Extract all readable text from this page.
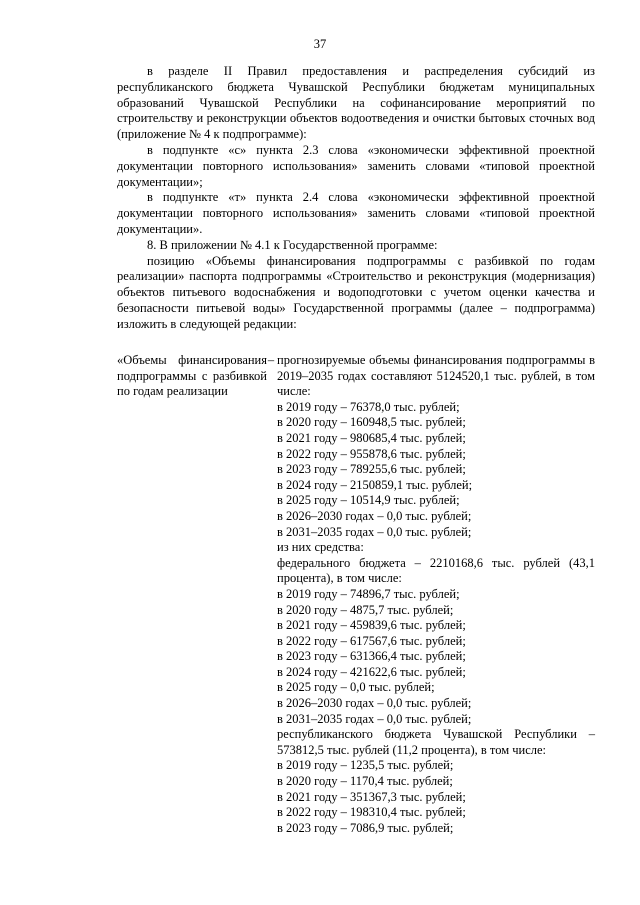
37

в разделе II Правил предоставления и распределения субсидий из республиканского бюджета Чувашской Республики бюджетам муниципальных образований Чувашской Республики на софинансирование мероприятий по строительству и реконструкции объектов водоотведения и очистки бытовых сточных вод (приложение № 4 к подпрограмме):

в подпункте «с» пункта 2.3 слова «экономически эффективной проектной документации повторного использования» заменить словами «типовой проектной документации»;

в подпункте «т» пункта 2.4 слова «экономически эффективной проектной документации повторного использования» заменить словами «типовой проектной документации».

8. В приложении № 4.1 к Государственной программе:

позицию «Объемы финансирования подпрограммы с разбивкой по годам реализации» паспорта подпрограммы «Строительство и реконструкция (модернизация) объектов питьевого водоснабжения и водоподготовки с учетом оценки качества и безопасности питьевой воды» Государственной программы (далее – подпрограмма) изложить в следующей редакции:

«Объемы финансирования подпрограммы с разбивкой по годам реализации
– прогнозируемые объемы финансирования подпрограммы в 2019–2035 годах составляют 5124520,1 тыс. рублей, в том числе:
в 2019 году – 76378,0 тыс. рублей;
в 2020 году – 160948,5 тыс. рублей;
в 2021 году – 980685,4 тыс. рублей;
в 2022 году – 955878,6 тыс. рублей;
в 2023 году – 789255,6 тыс. рублей;
в 2024 году – 2150859,1 тыс. рублей;
в 2025 году – 10514,9 тыс. рублей;
в 2026–2030 годах – 0,0 тыс. рублей;
в 2031–2035 годах – 0,0 тыс. рублей;
из них средства:
федерального бюджета – 2210168,6 тыс. рублей (43,1 процента), в том числе:
в 2019 году – 74896,7 тыс. рублей;
в 2020 году – 4875,7 тыс. рублей;
в 2021 году – 459839,6 тыс. рублей;
в 2022 году – 617567,6 тыс. рублей;
в 2023 году – 631366,4 тыс. рублей;
в 2024 году – 421622,6 тыс. рублей;
в 2025 году – 0,0 тыс. рублей;
в 2026–2030 годах – 0,0 тыс. рублей;
в 2031–2035 годах – 0,0 тыс. рублей;
республиканского бюджета Чувашской Республики – 573812,5 тыс. рублей (11,2 процента), в том числе:
в 2019 году – 1235,5 тыс. рублей;
в 2020 году – 1170,4 тыс. рублей;
в 2021 году – 351367,3 тыс. рублей;
в 2022 году – 198310,4 тыс. рублей;
в 2023 году – 7086,9 тыс. рублей;
